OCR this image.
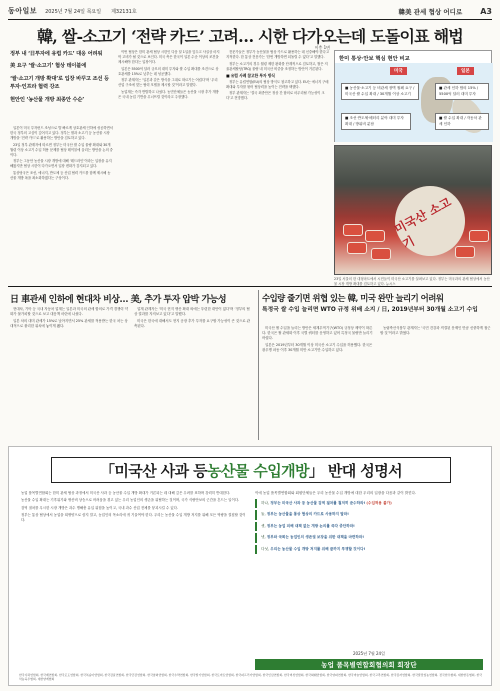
동아일보 2025년 7월 24일 목요일 제32131호	韓美 관세 협상 어디로 A3
韓, 쌀-소고기 ‘전략 카드’ 고려… 시한 다가오는데 도돌이표 해법
이충 1면

정부 내 ‘日투자에 유럽 카드’ 대응 어려워

美 요구 ‘쌀·소고기’ 협상 테이블에

‘쌀·소고기 개방 확대’로 입장 바꾸고 조선 등 투자·인프라 협력 강조

현안인 ‘농산물 개방 최종안 수순’

일본이 미국 투자펀드 조성으로 발 빠르게 상호관세 인하에 성공하면서 한국 정부의 고심이 깊어지고 있다. 정부는 쌀과 소고기 등 농산물 시장 개방을 ‘전략 카드’로 활용하는 방안을 검토하고 있다.

23일 정부 관계자에 따르면 정부는 미국산 쌀 수입 물량 확대와 30개월령 이상 소고기 수입 허용 문제를 협상 테이블에 올리는 방안을 논의 중이다.

정부는 그동안 농산물 시장 개방에 대해 ‘레드라인’이라는 입장을 유지해왔지만 협상 시한이 다가오면서 입장 변화가 감지되고 있다.

통상당국은 조선, 에너지, 반도체 등 산업 협력 카드를 함께 제시해 농산물 개방 폭을 최소화하겠다는 구상이다.

이번 협상은 한미 관세 협상 시한인 다음 달 1일을 앞두고 사실상 마지막 고비가 될 것으로 보인다. 미국 측은 한국이 일본 수준 이상의 조건을 제시해야 한다는 입장이다.

일본은 5500억 달러 규모의 대미 투자와 쌀 수입 확대를 조건으로 상호관세를 15%로 낮추는 데 성공했다.

정부 관계자는 ‘일본과 같은 방식을 그대로 따르기는 어렵다’며 ‘우리 산업 구조에 맞는 협력 모델을 제시할 것’이라고 말했다.

농업계는 즉각 반발하고 나섰다. 농민단체들은 농산물 시장 추가 개방은 국내 농업 기반을 무너뜨릴 것이라고 주장했다.

전문가들은 정부가 농산물을 협상 카드로 활용하는 데 신중해야 한다고 지적한다. 한 통상 전문가는 ‘한번 개방하면 되돌릴 수 없다’고 말했다.

정부는 소고기의 경우 월령 제한 완화를 단계적으로 검토하고, 쌀은 저율관세할당(TRQ) 물량 내 미국산 비중을 조정하는 방안이 거론된다.

■ 유럽 사례 참고한 투자 방식

정부는 유럽연합(EU)의 협상 방식도 참고하고 있다. EU는 에너지 구매 확대와 투자를 묶어 협상력을 높이는 전략을 택했다.

정부 관계자는 ‘결국 최종안은 정상 간 합의로 마무리될 가능성이 크다’고 전망했다.

한미 통상·안보 핵심 현안 비교
미국	일본
■ 농산물·소고기 등 비관세 장벽 철폐 요구 / 미국산 쌀 수입 확대 / 30개월 이상 소고기
■ 조선·반도체·배터리 분야 대미 투자 확대 / 방위비 분담
■ 관세 인하 합의 15% / 5500억 달러 대미 투자
■ 쌀 수입 확대 / 자동차 관세 인하
미국산 소고기
23일 서울의 한 대형마트에서 시민들이 미국산 소고기를 살펴보고 있다. 정부는 미국과의 관세 협상에서 농산물 시장 개방 확대를 검토하고 있다. 뉴시스
日 車관세 인하에 현대차 비상… 美, 추가 투자 압박 가능성

현대차, 기아 등 국내 자동차 업계는 일본과 미국의 관세 합의로 가격 경쟁력 약화가 불가피할 것으로 보고 대응책 마련에 나섰다.

일본 차의 대미 관세가 15%로 낮아지면서 25% 관세를 적용받는 한국 차는 상대적으로 불리한 위치에 놓이게 됐다.

업계 관계자는 ‘미국 현지 생산 확대 외에는 뚜렷한 대안이 없다’며 ‘정부의 협상 결과를 지켜보고 있다’고 말했다.

미국은 한국에 대해서도 현지 공장 추가 투자를 요구할 가능성이 큰 것으로 관측된다.

수입량 줄기면 위협 있는 韓, 미국 완만 늘리기 어려워
특정국 쌀 수입 늘리면 WTO 규정 위배 소지 / 日, 2019년부터 30개월 소고기 수입

미국산 쌀 수입을 늘리는 방안은 세계무역기구(WTO) 규정상 제약이 따른다. 한국은 쌀 관세화 이후 국별 쿼터를 운영하고 있어 특정국 물량만 늘리기 어렵다.

일본은 2019년부터 30개월 이상 미국산 소고기 수입을 허용했다. 한국은 광우병 파동 이후 30개월 미만 소고기만 수입하고 있다.

농림축산식품부 관계자는 ‘국민 건강과 직결된 문제인 만큼 신중하게 접근할 것’이라고 밝혔다.

「미국산 사과 등 농산물 수입개방 」 반대 성명서

농업 품목별연합회는 한미 관세 협상 과정에서 미국산 사과 등 농산물 수입 개방 확대가 거론되는 데 대해 깊은 우려를 표하며 강력히 반대한다.

농산물 수입 확대는 기후위기와 생산비 상승으로 어려움을 겪고 있는 우리 농업인의 생존을 위협하는 것이며, 국가 식량안보의 근간을 흔드는 일이다.

검역 절차를 무시한 시장 개방은 과수 병해충 유입 위험을 높이고, 국내 과수 산업 전체를 붕괴시킬 수 있다.

정부는 통상 협상에서 농업을 희생양으로 삼지 말고, 농업인의 목소리에 귀 기울여야 한다. 우리는 농산물 수입 개방 저지를 위해 모든 역량을 결집할 것이다.

이에 농업 품목별연합회와 회원단체들은 우리 농산물 수입 개방에 대한 우리의 입장을 다음과 같이 밝힌다.
하나, 정부는 미국산 사과 등 농산물 검역 절차를 철저히 준수하라! (수입허용 불가)
둘, 정부는 농산물을 통상 협상의 카드로 사용하지 말라!
셋, 정부는 농업 피해 대책 없는 개방 논의를 즉각 중단하라!
넷, 정부와 국회는 농업인의 생존권 보장을 위한 대책을 마련하라!
다섯, 우리는 농산물 수입 개방 저지를 위해 끝까지 투쟁할 것이다!
2025년 7월 24일
농업 품목별연합회협의회 회장단
한국사과연합회, 한국배연합회, 한국포도연합회, 한국복숭아연합회, 한국감귤연합회, 한국단감연합회, 한국참외연합회, 한국수박연합회, 한국딸기연합회, 한국토마토연합회, 한국파프리카연합회, 한국인삼연합회, 한국버섯연합회, 한국화훼연합회, 한국양파연합회, 한국마늘연합회, 한국고추연합회, 한국감자연합회, 한국쌀전업농연합회, 전국한우협회, 대한한돈협회, 한국낙농육우협회, 대한양계협회
